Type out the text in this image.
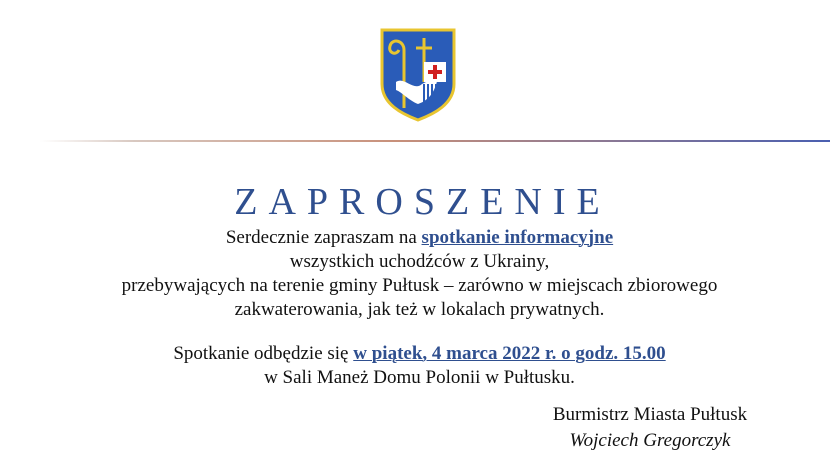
ZAPROSZENIE
Serdecznie zapraszam na spotkanie informacyjne
wszystkich uchodźców z Ukrainy,
przebywających na terenie gminy Pułtusk – zarówno w miejscach zbiorowego
zakwaterowania, jak też w lokalach prywatnych.
Spotkanie odbędzie się w piątek, 4 marca 2022 r. o godz. 15.00
w Sali Maneż Domu Polonii w Pułtusku.
Burmistrz Miasta Pułtusk
Wojciech Gregorczyk
